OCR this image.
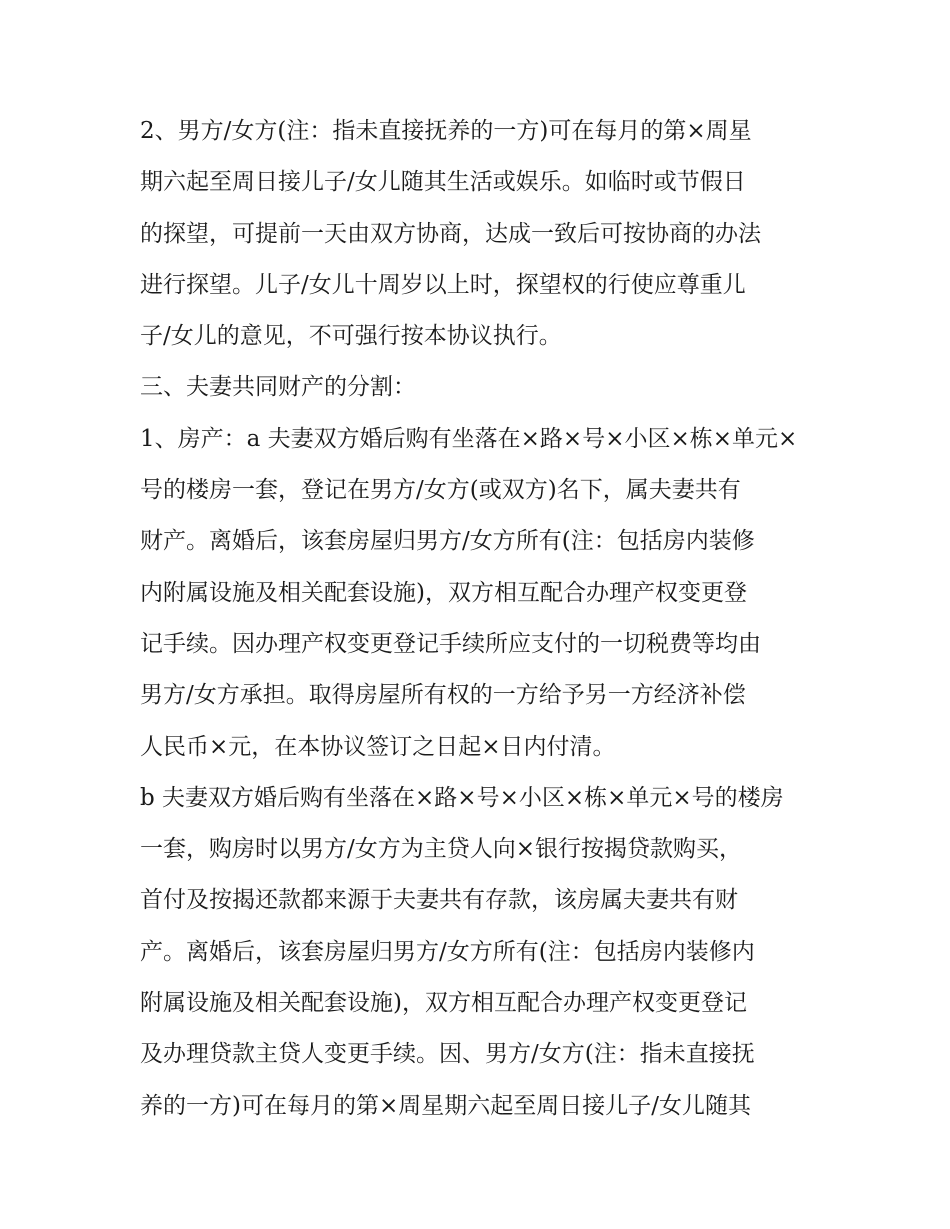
2、男方/女方(注：指未直接抚养的一方)可在每月的第×周星
期六起至周日接儿子/女儿随其生活或娱乐。如临时或节假日
的探望，可提前一天由双方协商，达成一致后可按协商的办法
进行探望。儿子/女儿十周岁以上时，探望权的行使应尊重儿
子/女儿的意见，不可强行按本协议执行。
三、夫妻共同财产的分割：
1、房产：a 夫妻双方婚后购有坐落在×路×号×小区×栋×单元×
号的楼房一套，登记在男方/女方(或双方)名下，属夫妻共有
财产。离婚后，该套房屋归男方/女方所有(注：包括房内装修
内附属设施及相关配套设施)，双方相互配合办理产权变更登
记手续。因办理产权变更登记手续所应支付的一切税费等均由
男方/女方承担。取得房屋所有权的一方给予另一方经济补偿
人民币×元，在本协议签订之日起×日内付清。
b 夫妻双方婚后购有坐落在×路×号×小区×栋×单元×号的楼房
一套，购房时以男方/女方为主贷人向×银行按揭贷款购买，
首付及按揭还款都来源于夫妻共有存款，该房属夫妻共有财
产。离婚后，该套房屋归男方/女方所有(注：包括房内装修内
附属设施及相关配套设施)，双方相互配合办理产权变更登记
及办理贷款主贷人变更手续。因、男方/女方(注：指未直接抚
养的一方)可在每月的第×周星期六起至周日接儿子/女儿随其
